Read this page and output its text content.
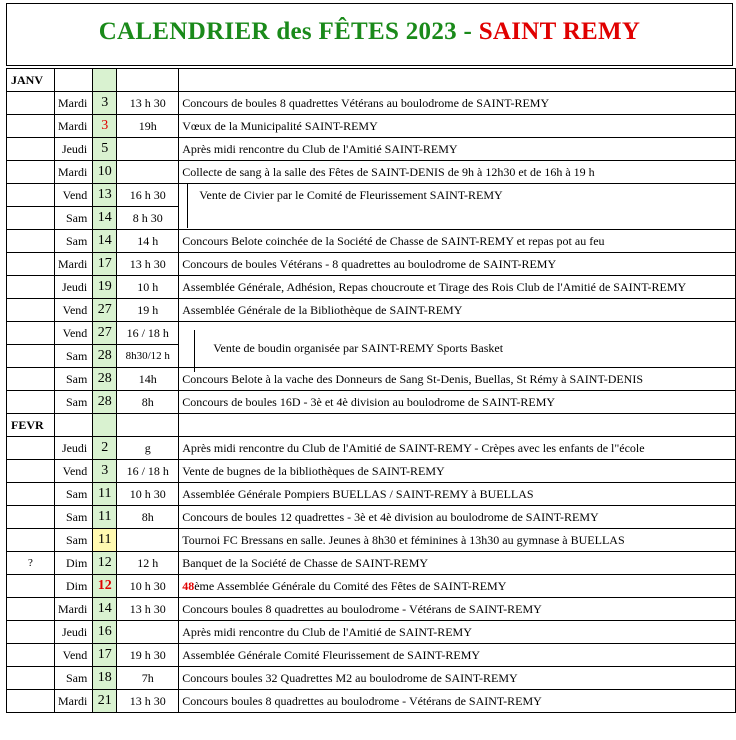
CALENDRIER des FÊTES 2023 - SAINT REMY
JANV				
	Mardi	3	13 h 30	Concours de boules 8 quadrettes Vétérans au boulodrome de SAINT-REMY
	Mardi	3	19h	Vœux de la Municipalité SAINT-REMY
	Jeudi	5		Après midi rencontre du Club de l'Amitié SAINT-REMY
	Mardi	10		Collecte de sang à la salle des Fêtes de SAINT-DENIS de 9h à 12h30 et de 16h à 19 h
	Vend	13	16 h 30	Vente de Civier par le Comité de Fleurissement SAINT-REMY
	Sam	14	8 h 30	
	Sam	14	14 h	Concours Belote coinchée de la Société de Chasse de SAINT-REMY et repas pot au feu
	Mardi	17	13 h 30	Concours de boules Vétérans - 8 quadrettes au boulodrome de SAINT-REMY
	Jeudi	19	10 h	Assemblée Générale, Adhésion, Repas choucroute et Tirage des Rois Club de l'Amitié de SAINT-REMY
	Vend	27	19 h	Assemblée Générale de la Bibliothèque de SAINT-REMY
	Vend	27	16 / 18 h	Vente de boudin organisée par SAINT-REMY Sports Basket
	Sam	28	8h30/12 h	
	Sam	28	14h	Concours Belote à la vache des Donneurs de Sang St-Denis, Buellas, St Rémy à SAINT-DENIS
	Sam	28	8h	Concours de boules 16D - 3è et 4è division au boulodrome de SAINT-REMY
FEVR				
	Jeudi	2	g	Après midi rencontre du Club de l'Amitié de SAINT-REMY - Crèpes avec les enfants de l"école
	Vend	3	16 / 18 h	Vente de bugnes de la bibliothèques de SAINT-REMY
	Sam	11	10 h 30	Assemblée Générale Pompiers BUELLAS / SAINT-REMY à BUELLAS
	Sam	11	8h	Concours de boules 12 quadrettes - 3è et 4è division au boulodrome de SAINT-REMY
	Sam	11		Tournoi FC Bressans en salle. Jeunes à 8h30 et féminines à 13h30 au gymnase à BUELLAS
?	Dim	12	12 h	Banquet de la Société de Chasse de SAINT-REMY
	Dim	12	10 h 30	48ème Assemblée Générale du Comité des Fêtes de SAINT-REMY
	Mardi	14	13 h 30	Concours boules 8 quadrettes au boulodrome - Vétérans de SAINT-REMY
	Jeudi	16		Après midi rencontre du Club de l'Amitié de SAINT-REMY
	Vend	17	19 h 30	Assemblée Générale Comité Fleurissement de SAINT-REMY
	Sam	18	7h	Concours boules 32 Quadrettes M2 au boulodrome de SAINT-REMY
	Mardi	21	13 h 30	Concours boules 8 quadrettes au boulodrome - Vétérans de SAINT-REMY
